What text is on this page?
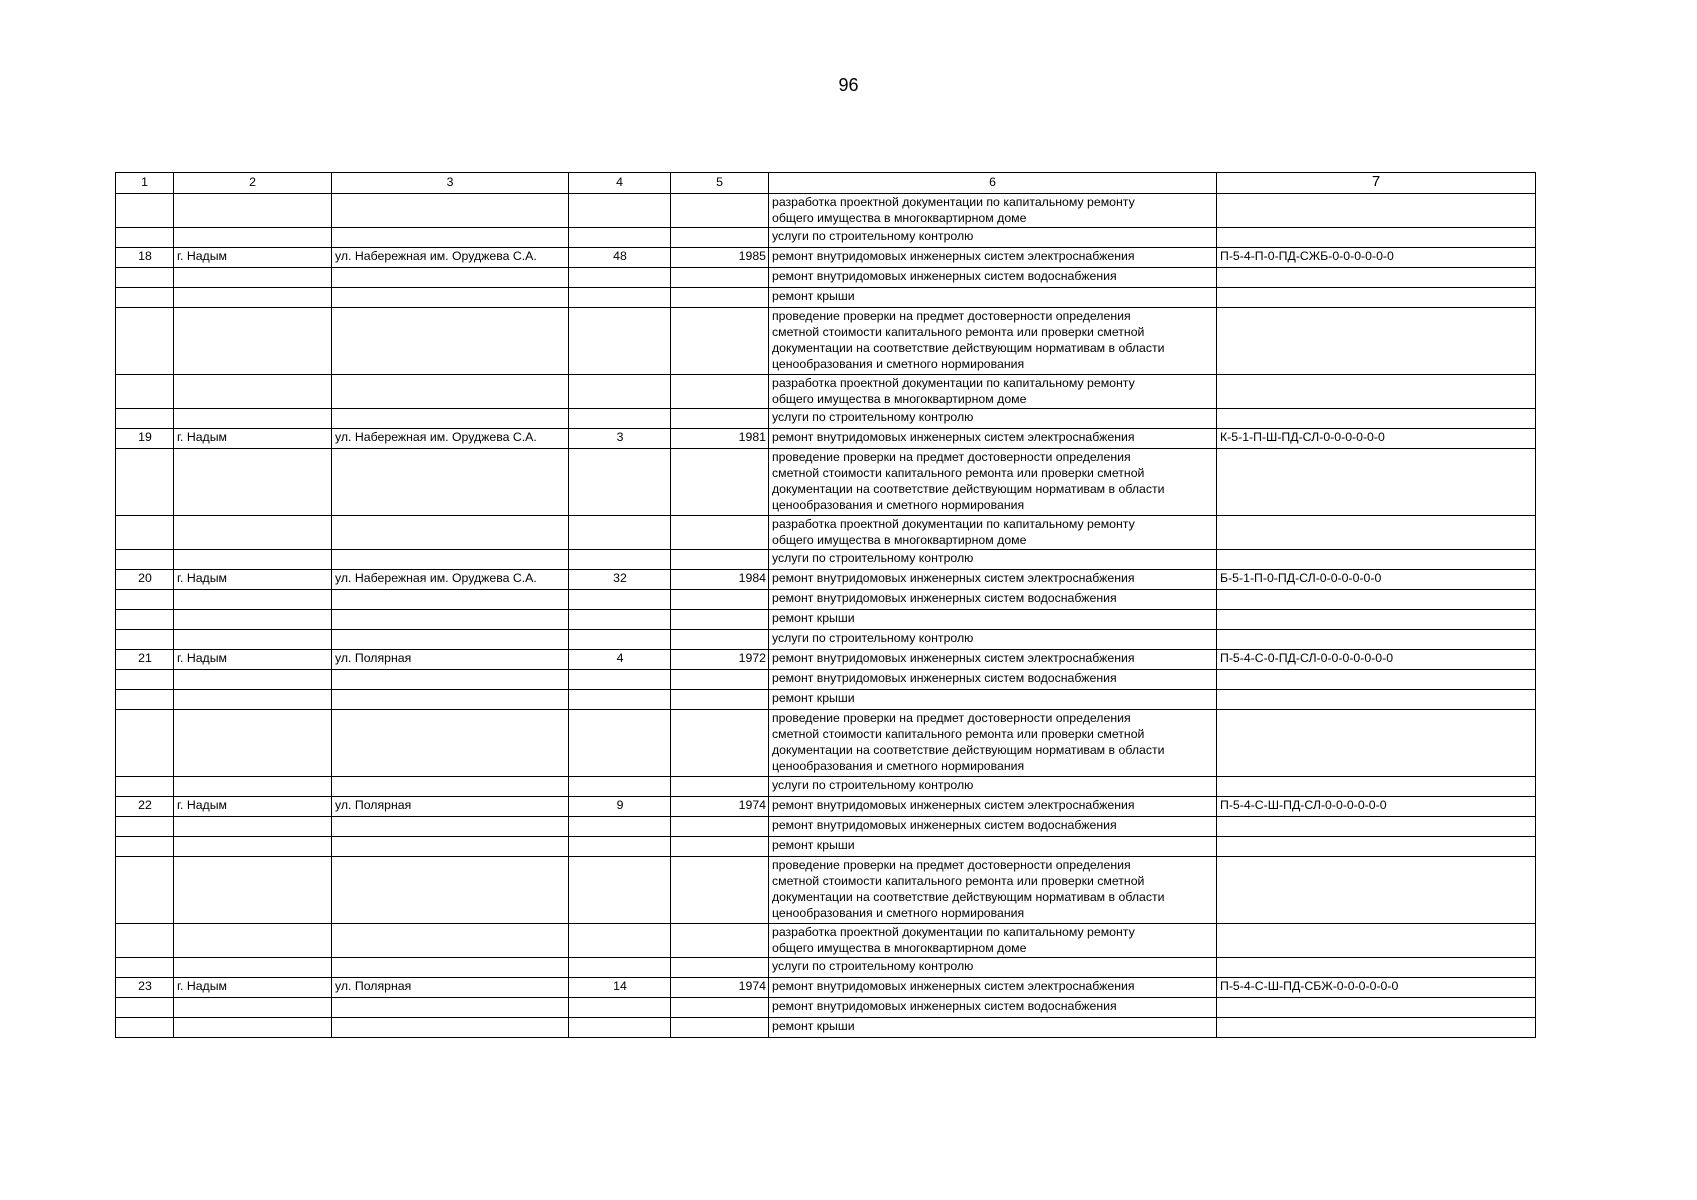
96
1	2	3	4	5	6	7
					разработка проектной документации по капитальному ремонту
общего имущества в многоквартирном доме	
					услуги по строительному контролю	
18	г. Надым	ул. Набережная им. Оруджева С.А.	48	1985	ремонт внутридомовых инженерных систем электроснабжения	П-5-4-П-0-ПД-СЖБ-0-0-0-0-0-0
					ремонт внутридомовых инженерных систем водоснабжения	
					ремонт крыши	
					проведение проверки на предмет достоверности определения
сметной стоимости капитального ремонта или проверки сметной
документации на соответствие действующим нормативам в области
ценообразования и сметного нормирования	
					разработка проектной документации по капитальному ремонту
общего имущества в многоквартирном доме	
					услуги по строительному контролю	
19	г. Надым	ул. Набережная им. Оруджева С.А.	3	1981	ремонт внутридомовых инженерных систем электроснабжения	К-5-1-П-Ш-ПД-СЛ-0-0-0-0-0-0
					проведение проверки на предмет достоверности определения
сметной стоимости капитального ремонта или проверки сметной
документации на соответствие действующим нормативам в области
ценообразования и сметного нормирования	
					разработка проектной документации по капитальному ремонту
общего имущества в многоквартирном доме	
					услуги по строительному контролю	
20	г. Надым	ул. Набережная им. Оруджева С.А.	32	1984	ремонт внутридомовых инженерных систем электроснабжения	Б-5-1-П-0-ПД-СЛ-0-0-0-0-0-0
					ремонт внутридомовых инженерных систем водоснабжения	
					ремонт крыши	
					услуги по строительному контролю	
21	г. Надым	ул. Полярная	4	1972	ремонт внутридомовых инженерных систем электроснабжения	П-5-4-С-0-ПД-СЛ-0-0-0-0-0-0-0
					ремонт внутридомовых инженерных систем водоснабжения	
					ремонт крыши	
					проведение проверки на предмет достоверности определения
сметной стоимости капитального ремонта или проверки сметной
документации на соответствие действующим нормативам в области
ценообразования и сметного нормирования	
					услуги по строительному контролю	
22	г. Надым	ул. Полярная	9	1974	ремонт внутридомовых инженерных систем электроснабжения	П-5-4-С-Ш-ПД-СЛ-0-0-0-0-0-0
					ремонт внутридомовых инженерных систем водоснабжения	
					ремонт крыши	
					проведение проверки на предмет достоверности определения
сметной стоимости капитального ремонта или проверки сметной
документации на соответствие действующим нормативам в области
ценообразования и сметного нормирования	
					разработка проектной документации по капитальному ремонту
общего имущества в многоквартирном доме	
					услуги по строительному контролю	
23	г. Надым	ул. Полярная	14	1974	ремонт внутридомовых инженерных систем электроснабжения	П-5-4-С-Ш-ПД-СБЖ-0-0-0-0-0-0
					ремонт внутридомовых инженерных систем водоснабжения	
					ремонт крыши	
